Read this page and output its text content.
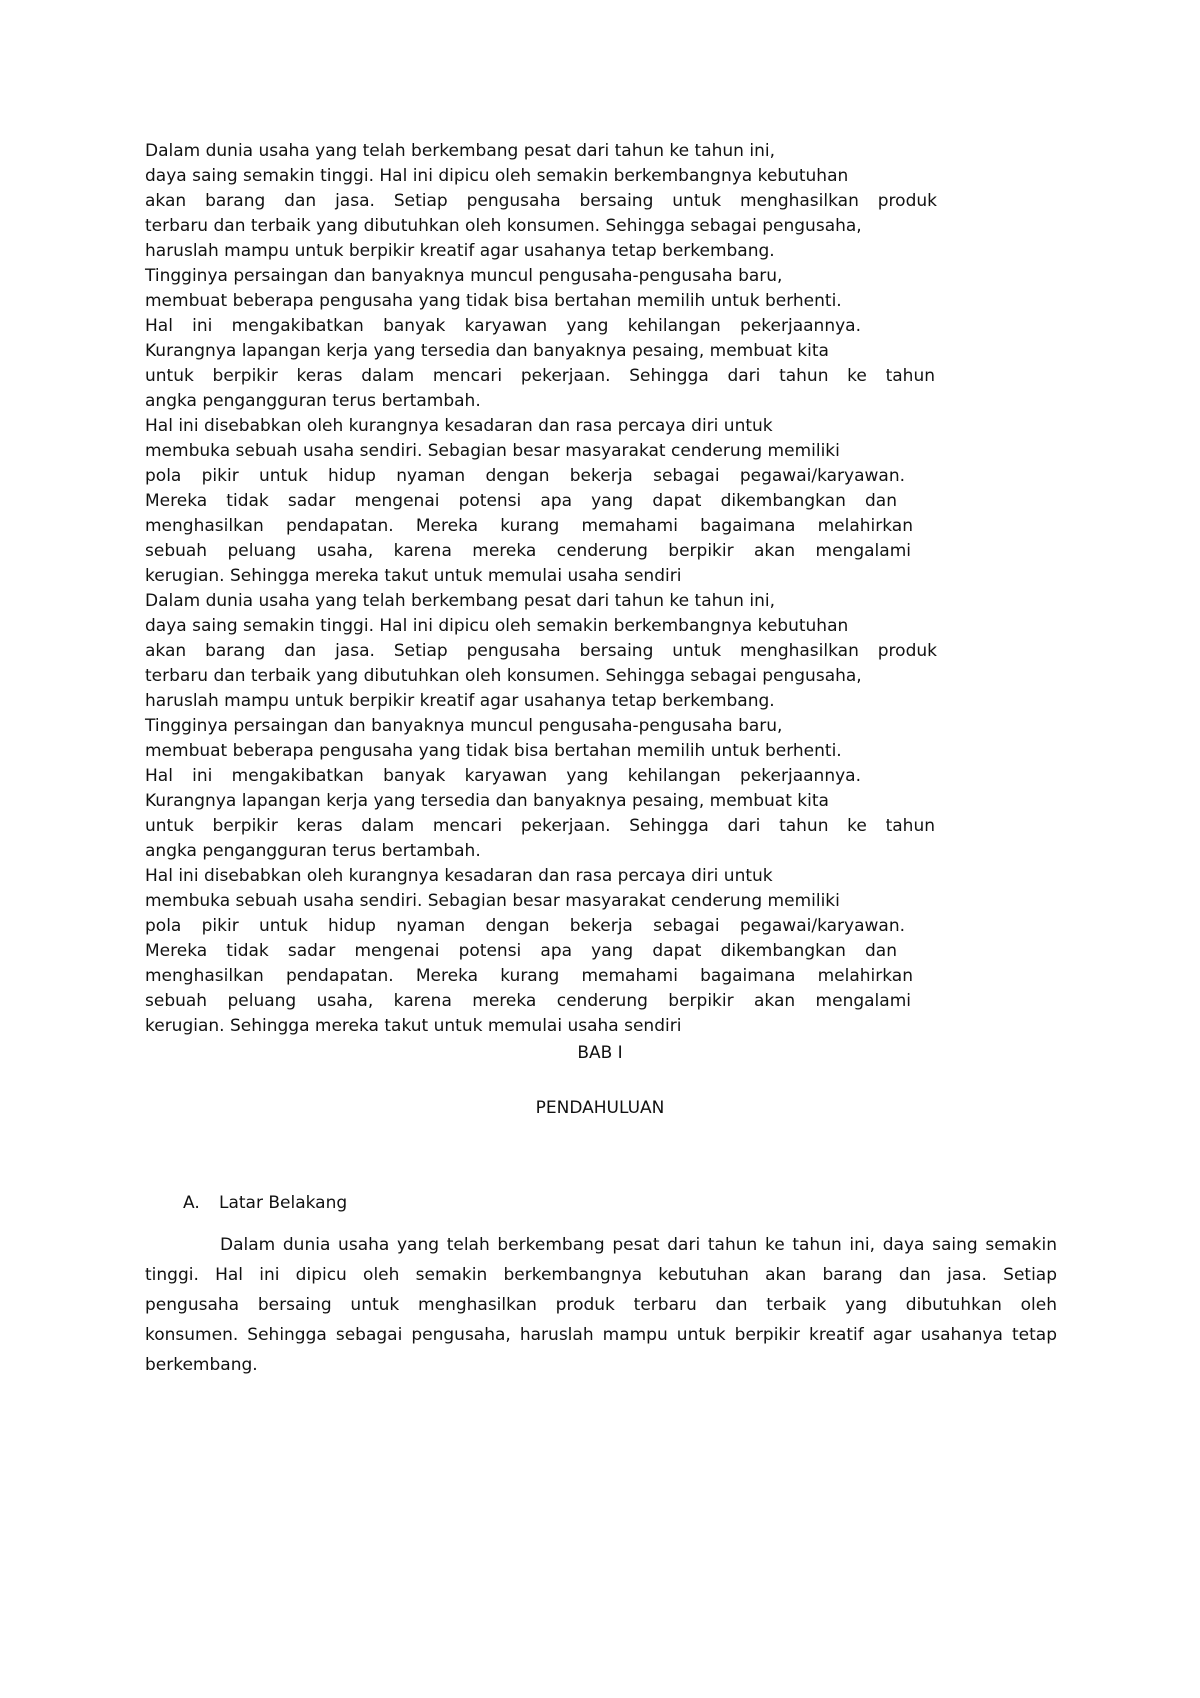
Dalam dunia usaha yang telah berkembang pesat dari tahun ke tahun ini,
daya saing semakin tinggi. Hal ini dipicu oleh semakin berkembangnya kebutuhan
akan barang dan jasa. Setiap pengusaha bersaing untuk menghasilkan produk
terbaru dan terbaik yang dibutuhkan oleh konsumen. Sehingga sebagai pengusaha,
haruslah mampu untuk berpikir kreatif agar usahanya tetap berkembang.
Tingginya persaingan dan banyaknya muncul pengusaha-pengusaha baru,
membuat beberapa pengusaha yang tidak bisa bertahan memilih untuk berhenti.
Hal ini mengakibatkan banyak karyawan yang kehilangan pekerjaannya.
Kurangnya lapangan kerja yang tersedia dan banyaknya pesaing, membuat kita
untuk berpikir keras dalam mencari pekerjaan. Sehingga dari tahun ke tahun
angka pengangguran terus bertambah.
Hal ini disebabkan oleh kurangnya kesadaran dan rasa percaya diri untuk
membuka sebuah usaha sendiri. Sebagian besar masyarakat cenderung memiliki
pola pikir untuk hidup nyaman dengan bekerja sebagai pegawai/karyawan.
Mereka tidak sadar mengenai potensi apa yang dapat dikembangkan dan
menghasilkan pendapatan. Mereka kurang memahami bagaimana melahirkan
sebuah peluang usaha, karena mereka cenderung berpikir akan mengalami
kerugian. Sehingga mereka takut untuk memulai usaha sendiri
Dalam dunia usaha yang telah berkembang pesat dari tahun ke tahun ini,
daya saing semakin tinggi. Hal ini dipicu oleh semakin berkembangnya kebutuhan
akan barang dan jasa. Setiap pengusaha bersaing untuk menghasilkan produk
terbaru dan terbaik yang dibutuhkan oleh konsumen. Sehingga sebagai pengusaha,
haruslah mampu untuk berpikir kreatif agar usahanya tetap berkembang.
Tingginya persaingan dan banyaknya muncul pengusaha-pengusaha baru,
membuat beberapa pengusaha yang tidak bisa bertahan memilih untuk berhenti.
Hal ini mengakibatkan banyak karyawan yang kehilangan pekerjaannya.
Kurangnya lapangan kerja yang tersedia dan banyaknya pesaing, membuat kita
untuk berpikir keras dalam mencari pekerjaan. Sehingga dari tahun ke tahun
angka pengangguran terus bertambah.
Hal ini disebabkan oleh kurangnya kesadaran dan rasa percaya diri untuk
membuka sebuah usaha sendiri. Sebagian besar masyarakat cenderung memiliki
pola pikir untuk hidup nyaman dengan bekerja sebagai pegawai/karyawan.
Mereka tidak sadar mengenai potensi apa yang dapat dikembangkan dan
menghasilkan pendapatan. Mereka kurang memahami bagaimana melahirkan
sebuah peluang usaha, karena mereka cenderung berpikir akan mengalami
kerugian. Sehingga mereka takut untuk memulai usaha sendiri
BAB I
PENDAHULUAN
A. Latar Belakang
Dalam dunia usaha yang telah berkembang pesat dari tahun ke tahun ini, daya saing semakin
tinggi. Hal ini dipicu oleh semakin berkembangnya kebutuhan akan barang dan jasa. Setiap
pengusaha bersaing untuk menghasilkan produk terbaru dan terbaik yang dibutuhkan oleh
konsumen. Sehingga sebagai pengusaha, haruslah mampu untuk berpikir kreatif agar usahanya tetap
berkembang.
